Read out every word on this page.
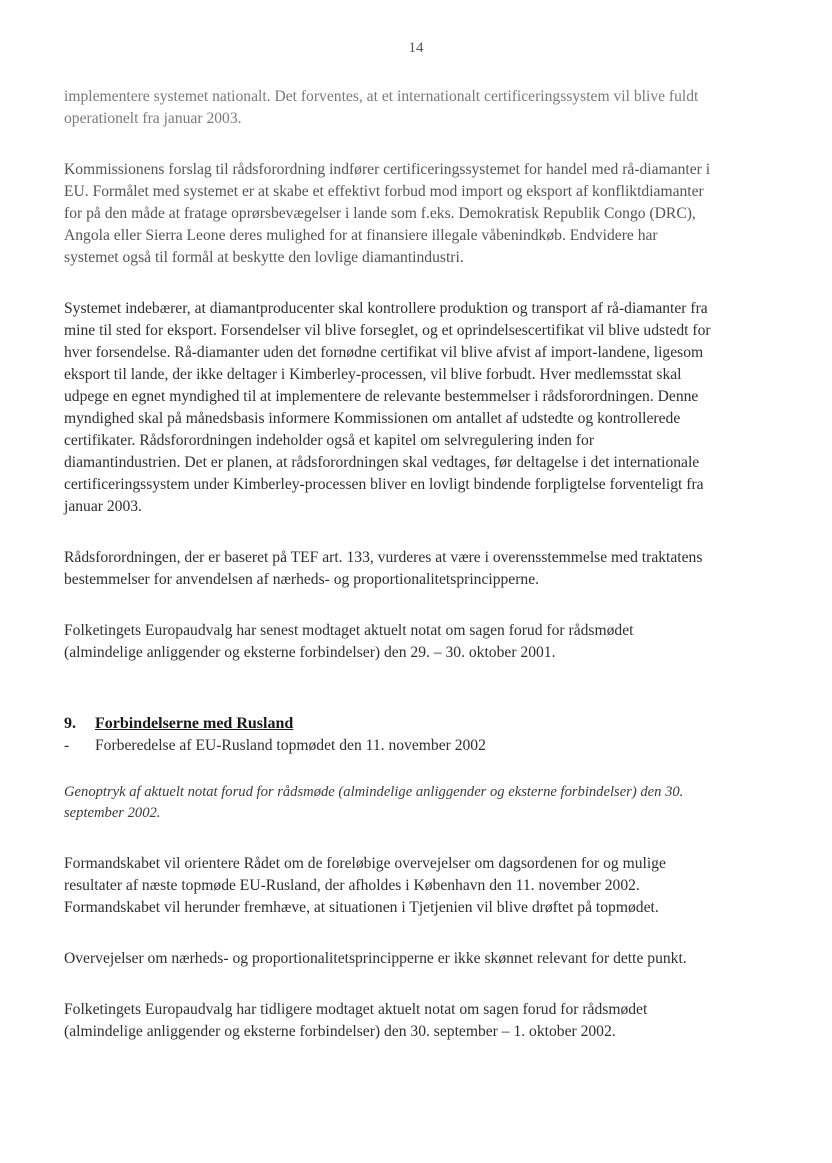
14

implementere systemet nationalt. Det forventes, at et internationalt certificeringssystem vil blive fuldt operationelt fra januar 2003.

Kommissionens forslag til rådsforordning indfører certificeringssystemet for handel med rå-diamanter i EU. Formålet med systemet er at skabe et effektivt forbud mod import og eksport af konfliktdiamanter for på den måde at fratage oprørsbevægelser i lande som f.eks. Demokratisk Republik Congo (DRC), Angola eller Sierra Leone deres mulighed for at finansiere illegale våbenindkøb. Endvidere har systemet også til formål at beskytte den lovlige diamantindustri.

Systemet indebærer, at diamantproducenter skal kontrollere produktion og transport af rå-diamanter fra mine til sted for eksport. Forsendelser vil blive forseglet, og et oprindelsescertifikat vil blive udstedt for hver forsendelse. Rå-diamanter uden det fornødne certifikat vil blive afvist af import-landene, ligesom eksport til lande, der ikke deltager i Kimberley-processen, vil blive forbudt. Hver medlemsstat skal udpege en egnet myndighed til at implementere de relevante bestemmelser i rådsforordningen. Denne myndighed skal på månedsbasis informere Kommissionen om antallet af udstedte og kontrollerede certifikater. Rådsforordningen indeholder også et kapitel om selvregulering inden for diamantindustrien. Det er planen, at rådsforordningen skal vedtages, før deltagelse i det internationale certificeringssystem under Kimberley-processen bliver en lovligt bindende forpligtelse forventeligt fra januar 2003.

Rådsforordningen, der er baseret på TEF art. 133, vurderes at være i overensstemmelse med traktatens bestemmelser for anvendelsen af nærheds- og proportionalitetsprincipperne.

Folketingets Europaudvalg har senest modtaget aktuelt notat om sagen forud for rådsmødet (almindelige anliggender og eksterne forbindelser) den 29. – 30. oktober 2001.

9. Forbindelserne med Rusland
- Forberedelse af EU-Rusland topmødet den 11. november 2002

Genoptryk af aktuelt notat forud for rådsmøde (almindelige anliggender og eksterne forbindelser) den 30. september 2002.

Formandskabet vil orientere Rådet om de foreløbige overvejelser om dagsordenen for og mulige resultater af næste topmøde EU-Rusland, der afholdes i København den 11. november 2002. Formandskabet vil herunder fremhæve, at situationen i Tjetjenien vil blive drøftet på topmødet.

Overvejelser om nærheds- og proportionalitetsprincipperne er ikke skønnet relevant for dette punkt.

Folketingets Europaudvalg har tidligere modtaget aktuelt notat om sagen forud for rådsmødet (almindelige anliggender og eksterne forbindelser) den 30. september – 1. oktober 2002.
